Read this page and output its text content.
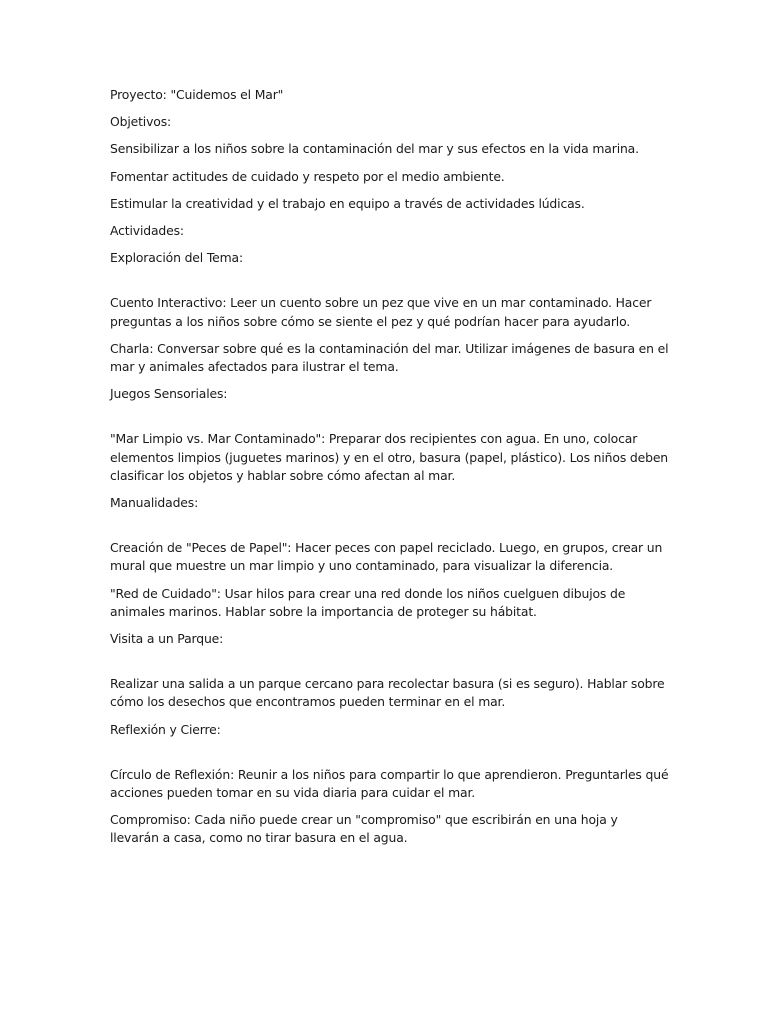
Proyecto: "Cuidemos el Mar"

Objetivos:

Sensibilizar a los niños sobre la contaminación del mar y sus efectos en la vida marina.

Fomentar actitudes de cuidado y respeto por el medio ambiente.

Estimular la creatividad y el trabajo en equipo a través de actividades lúdicas.

Actividades:

Exploración del Tema:

Cuento Interactivo: Leer un cuento sobre un pez que vive en un mar contaminado. Hacer preguntas a los niños sobre cómo se siente el pez y qué podrían hacer para ayudarlo.

Charla: Conversar sobre qué es la contaminación del mar. Utilizar imágenes de basura en el mar y animales afectados para ilustrar el tema.

Juegos Sensoriales:

"Mar Limpio vs. Mar Contaminado": Preparar dos recipientes con agua. En uno, colocar elementos limpios (juguetes marinos) y en el otro, basura (papel, plástico). Los niños deben clasificar los objetos y hablar sobre cómo afectan al mar.

Manualidades:

Creación de "Peces de Papel": Hacer peces con papel reciclado. Luego, en grupos, crear un mural que muestre un mar limpio y uno contaminado, para visualizar la diferencia.

"Red de Cuidado": Usar hilos para crear una red donde los niños cuelguen dibujos de animales marinos. Hablar sobre la importancia de proteger su hábitat.

Visita a un Parque:

Realizar una salida a un parque cercano para recolectar basura (si es seguro). Hablar sobre cómo los desechos que encontramos pueden terminar en el mar.

Reflexión y Cierre:

Círculo de Reflexión: Reunir a los niños para compartir lo que aprendieron. Preguntarles qué acciones pueden tomar en su vida diaria para cuidar el mar.

Compromiso: Cada niño puede crear un "compromiso" que escribirán en una hoja y llevarán a casa, como no tirar basura en el agua.
